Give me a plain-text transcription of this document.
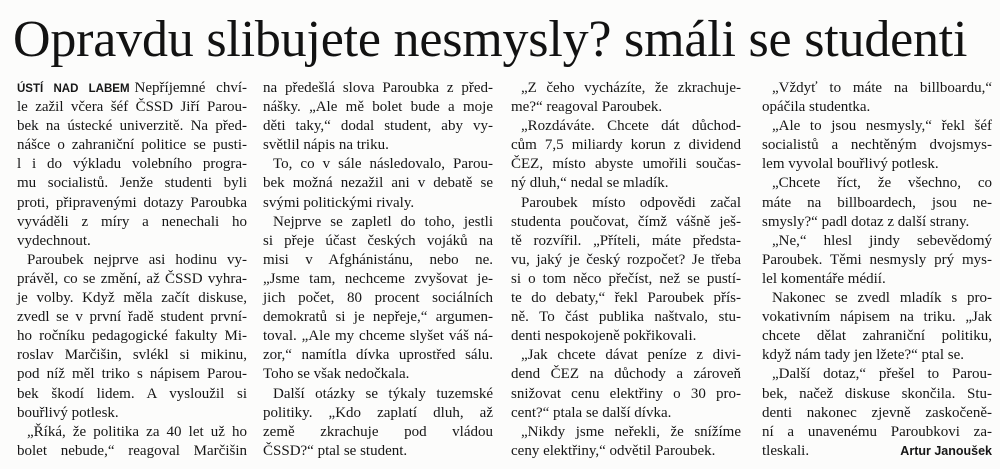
Opravdu slibujete nesmysly? smáli se studenti
ÚSTÍ NAD LABEM Nepříjemné chví-
le zažil včera šéf ČSSD Jiří Parou-
bek na ústecké univerzitě. Na před-
nášce o zahraniční politice se pusti-
l i do výkladu volebního progra-
mu socialistů. Jenže studenti byli
proti, připravenými dotazy Paroubka
vyváděli z míry a nenechali ho
vydechnout.
Paroubek nejprve asi hodinu vy-
právěl, co se změní, až ČSSD vyhra-
je volby. Když měla začít diskuse,
zvedl se v první řadě student první-
ho ročníku pedagogické fakulty Mi-
roslav Marčišin, svlékl si mikinu,
pod níž měl triko s nápisem Parou-
bek škodí lidem. A vysloužil si
bouřlivý potlesk.
„Říká, že politika za 40 let už ho
bolet nebude,“ reagoval Marčišin
na předešlá slova Paroubka z před-
nášky. „Ale mě bolet bude a moje
děti taky,“ dodal student, aby vy-
světlil nápis na triku.
To, co v sále následovalo, Parou-
bek možná nezažil ani v debatě se
svými politickými rivaly.
Nejprve se zapletl do toho, jestli
si přeje účast českých vojáků na
misi v Afghánistánu, nebo ne.
„Jsme tam, nechceme zvyšovat je-
jich počet, 80 procent sociálních
demokratů si je nepřeje,“ argumen-
toval. „Ale my chceme slyšet váš ná-
zor,“ namítla dívka uprostřed sálu.
Toho se však nedočkala.
Další otázky se týkaly tuzemské
politiky. „Kdo zaplatí dluh, až
země zkrachuje pod vládou
ČSSD?“ ptal se student.
„Z čeho vycházíte, že zkrachuje-
me?“ reagoval Paroubek.
„Rozdáváte. Chcete dát důchod-
cům 7,5 miliardy korun z dividend
ČEZ, místo abyste umořili součas-
ný dluh,“ nedal se mladík.
Paroubek místo odpovědi začal
studenta poučovat, čímž vášně ješ-
tě rozvířil. „Příteli, máte předsta-
vu, jaký je český rozpočet? Je třeba
si o tom něco přečíst, než se pustí-
te do debaty,“ řekl Paroubek přís-
ně. To část publika naštvalo, stu-
denti nespokojeně pokřikovali.
„Jak chcete dávat peníze z divi-
dend ČEZ na důchody a zároveň
snižovat cenu elektřiny o 30 pro-
cent?“ ptala se další dívka.
„Nikdy jsme neřekli, že snížíme
ceny elektřiny,“ odvětil Paroubek.
„Vždyť to máte na billboardu,“
opáčila studentka.
„Ale to jsou nesmysly,“ řekl šéf
socialistů a nechtěným dvojsmys-
lem vyvolal bouřlivý potlesk.
„Chcete říct, že všechno, co
máte na billboardech, jsou ne-
smysly?“ padl dotaz z další strany.
„Ne,“ hlesl jindy sebevědomý
Paroubek. Těmi nesmysly prý mys-
lel komentáře médií.
Nakonec se zvedl mladík s pro-
vokativním nápisem na triku. „Jak
chcete dělat zahraniční politiku,
když nám tady jen lžete?“ ptal se.
„Další dotaz,“ přešel to Parou-
bek, načež diskuse skončila. Stu-
denti nakonec zjevně zaskočeně-
ní a unavenému Paroubkovi za-
tleskali.	Artur Janoušek
